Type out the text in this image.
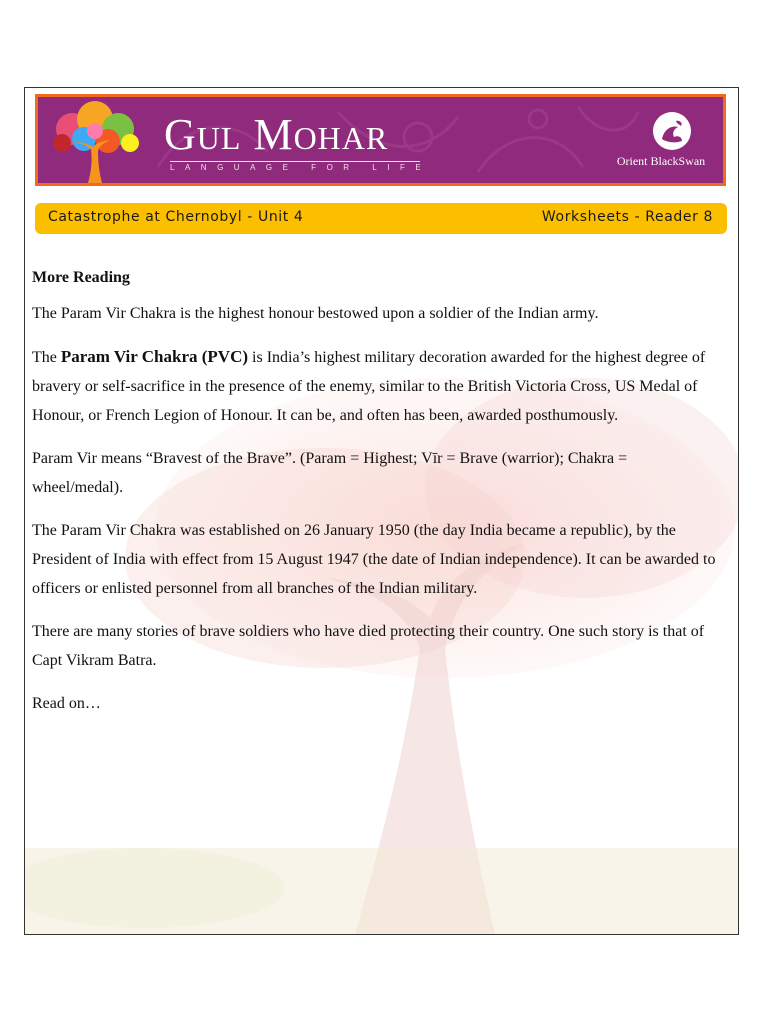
GUL MOHAR
LANGUAGE FOR LIFE	Orient BlackSwan
Catastrophe at Chernobyl - Unit 4	Worksheets - Reader 8
More Reading

The Param Vir Chakra is the highest honour bestowed upon a soldier of the Indian army.

The Param Vir Chakra (PVC) is India’s highest military decoration awarded for the highest degree of bravery or self-sacrifice in the presence of the enemy, similar to the British Victoria Cross, US Medal of Honour, or French Legion of Honour. It can be, and often has been, awarded posthumously.

Param Vir means “Bravest of the Brave”. (Param = Highest; Vīr = Brave (warrior); Chakra = wheel/medal).

The Param Vir Chakra was established on 26 January 1950 (the day India became a republic), by the President of India with effect from 15 August 1947 (the date of Indian independence). It can be awarded to officers or enlisted personnel from all branches of the Indian military.

There are many stories of brave soldiers who have died protecting their country. One such story is that of Capt Vikram Batra.

Read on…
